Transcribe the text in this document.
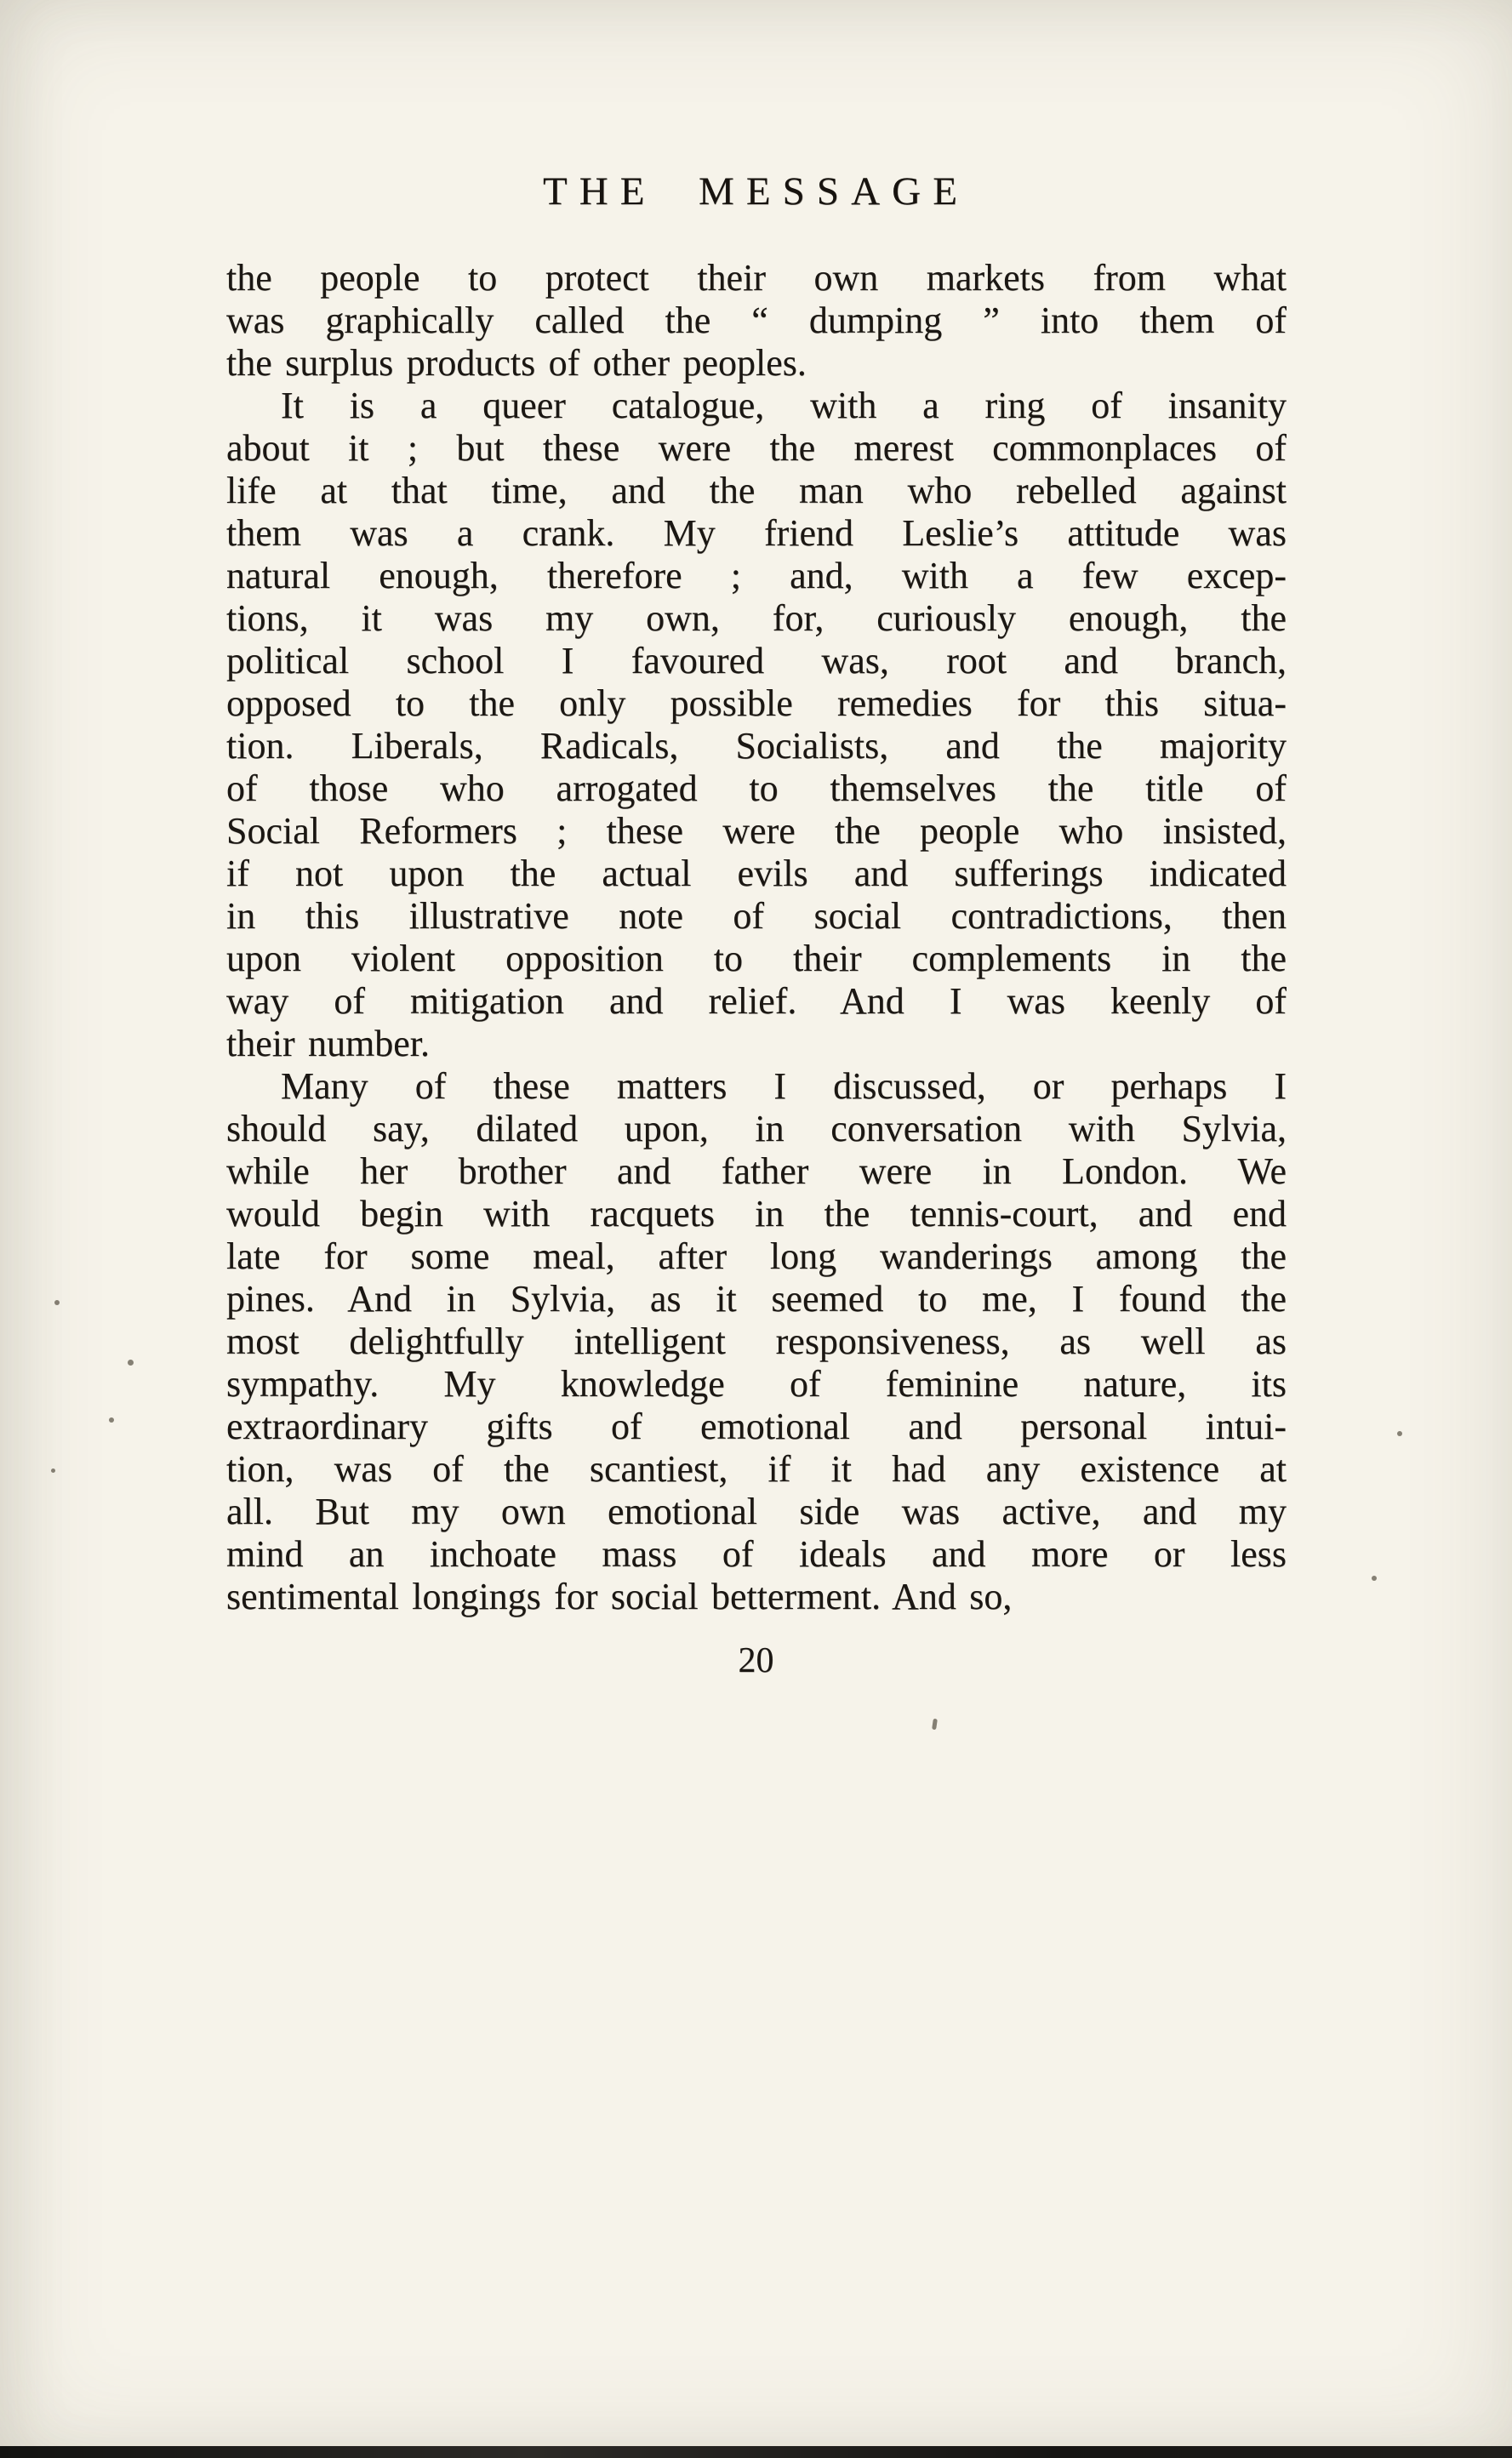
THE MESSAGE
the people to protect their own markets from what
was graphically called the “ dumping ” into them of
the surplus products of other peoples.
It is a queer catalogue, with a ring of insanity
about it ; but these were the merest commonplaces of
life at that time, and the man who rebelled against
them was a crank. My friend Leslie’s attitude was
natural enough, therefore ; and, with a few excep-
tions, it was my own, for, curiously enough, the
political school I favoured was, root and branch,
opposed to the only possible remedies for this situa-
tion. Liberals, Radicals, Socialists, and the majority
of those who arrogated to themselves the title of
Social Reformers ; these were the people who insisted,
if not upon the actual evils and sufferings indicated
in this illustrative note of social contradictions, then
upon violent opposition to their complements in the
way of mitigation and relief. And I was keenly of
their number.
Many of these matters I discussed, or perhaps I
should say, dilated upon, in conversation with Sylvia,
while her brother and father were in London. We
would begin with racquets in the tennis-court, and end
late for some meal, after long wanderings among the
pines. And in Sylvia, as it seemed to me, I found the
most delightfully intelligent responsiveness, as well as
sympathy. My knowledge of feminine nature, its
extraordinary gifts of emotional and personal intui-
tion, was of the scantiest, if it had any existence at
all. But my own emotional side was active, and my
mind an inchoate mass of ideals and more or less
sentimental longings for social betterment. And so,
20
